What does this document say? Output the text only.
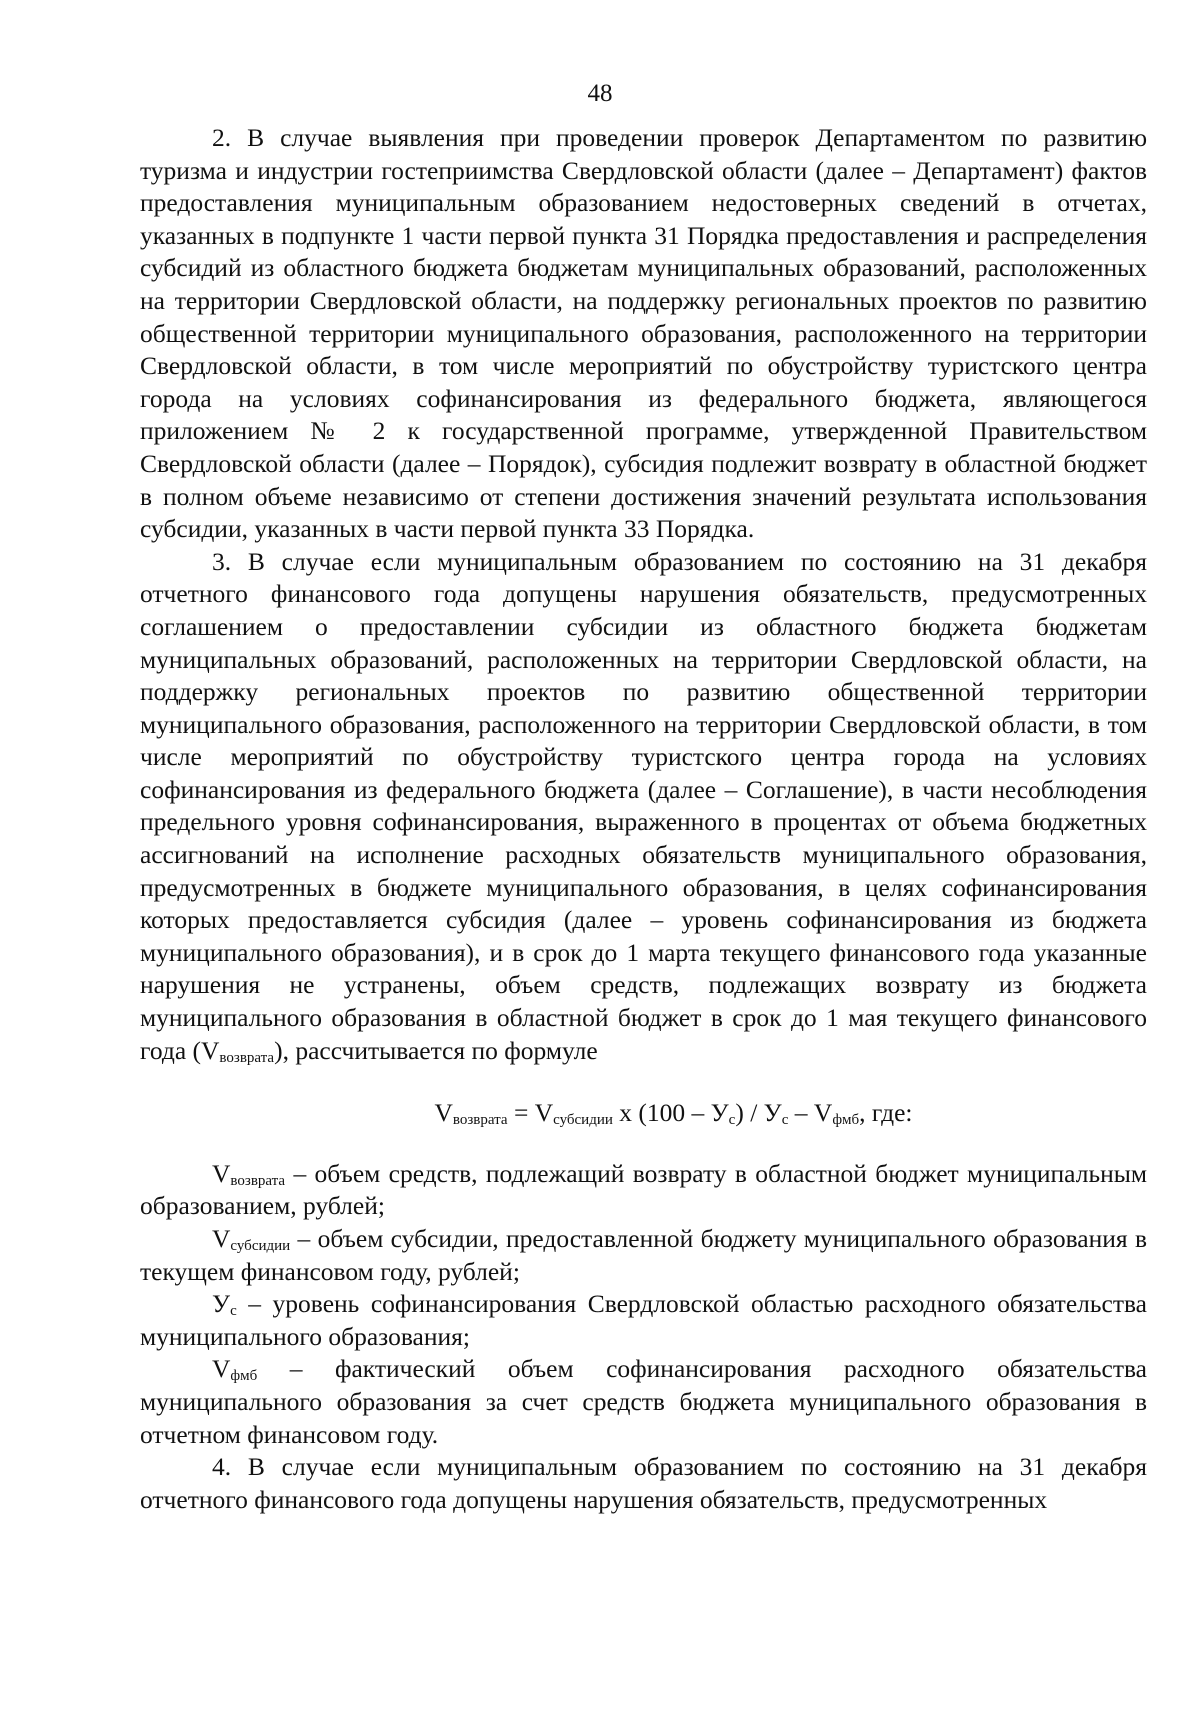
48

2. В случае выявления при проведении проверок Департаментом по развитию туризма и индустрии гостеприимства Свердловской области (далее – Департамент) фактов предоставления муниципальным образованием недостоверных сведений в отчетах, указанных в подпункте 1 части первой пункта 31 Порядка предоставления и распределения субсидий из областного бюджета бюджетам муниципальных образований, расположенных на территории Свердловской области, на поддержку региональных проектов по развитию общественной территории муниципального образования, расположенного на территории Свердловской области, в том числе мероприятий по обустройству туристского центра города на условиях софинансирования из федерального бюджета, являющегося приложением № 2 к государственной программе, утвержденной Правительством Свердловской области (далее – Порядок), субсидия подлежит возврату в областной бюджет в полном объеме независимо от степени достижения значений результата использования субсидии, указанных в части первой пункта 33 Порядка.

3. В случае если муниципальным образованием по состоянию на 31 декабря отчетного финансового года допущены нарушения обязательств, предусмотренных соглашением о предоставлении субсидии из областного бюджета бюджетам муниципальных образований, расположенных на территории Свердловской области, на поддержку региональных проектов по развитию общественной территории муниципального образования, расположенного на территории Свердловской области, в том числе мероприятий по обустройству туристского центра города на условиях софинансирования из федерального бюджета (далее – Соглашение), в части несоблюдения предельного уровня софинансирования, выраженного в процентах от объема бюджетных ассигнований на исполнение расходных обязательств муниципального образования, предусмотренных в бюджете муниципального образования, в целях софинансирования которых предоставляется субсидия (далее – уровень софинансирования из бюджета муниципального образования), и в срок до 1 марта текущего финансового года указанные нарушения не устранены, объем средств, подлежащих возврату из бюджета муниципального образования в областной бюджет в срок до 1 мая текущего финансового года $(V_{возврата})$, рассчитывается по формуле

$V_{возврата} = V_{субсидии}$ x $(100 - У_с) / У_с - V_{фмб}$, где:

$V_{возврата}$ – объем средств, подлежащий возврату в областной бюджет муниципальным образованием, рублей;

$V_{субсидии}$ – объем субсидии, предоставленной бюджету муниципального образования в текущем финансовом году, рублей;

$У_с$ – уровень софинансирования Свердловской областью расходного обязательства муниципального образования;

$V_{фмб}$ – фактический объем софинансирования расходного обязательства муниципального образования за счет средств бюджета муниципального образования в отчетном финансовом году.

4. В случае если муниципальным образованием по состоянию на 31 декабря отчетного финансового года допущены нарушения обязательств, предусмотренных
